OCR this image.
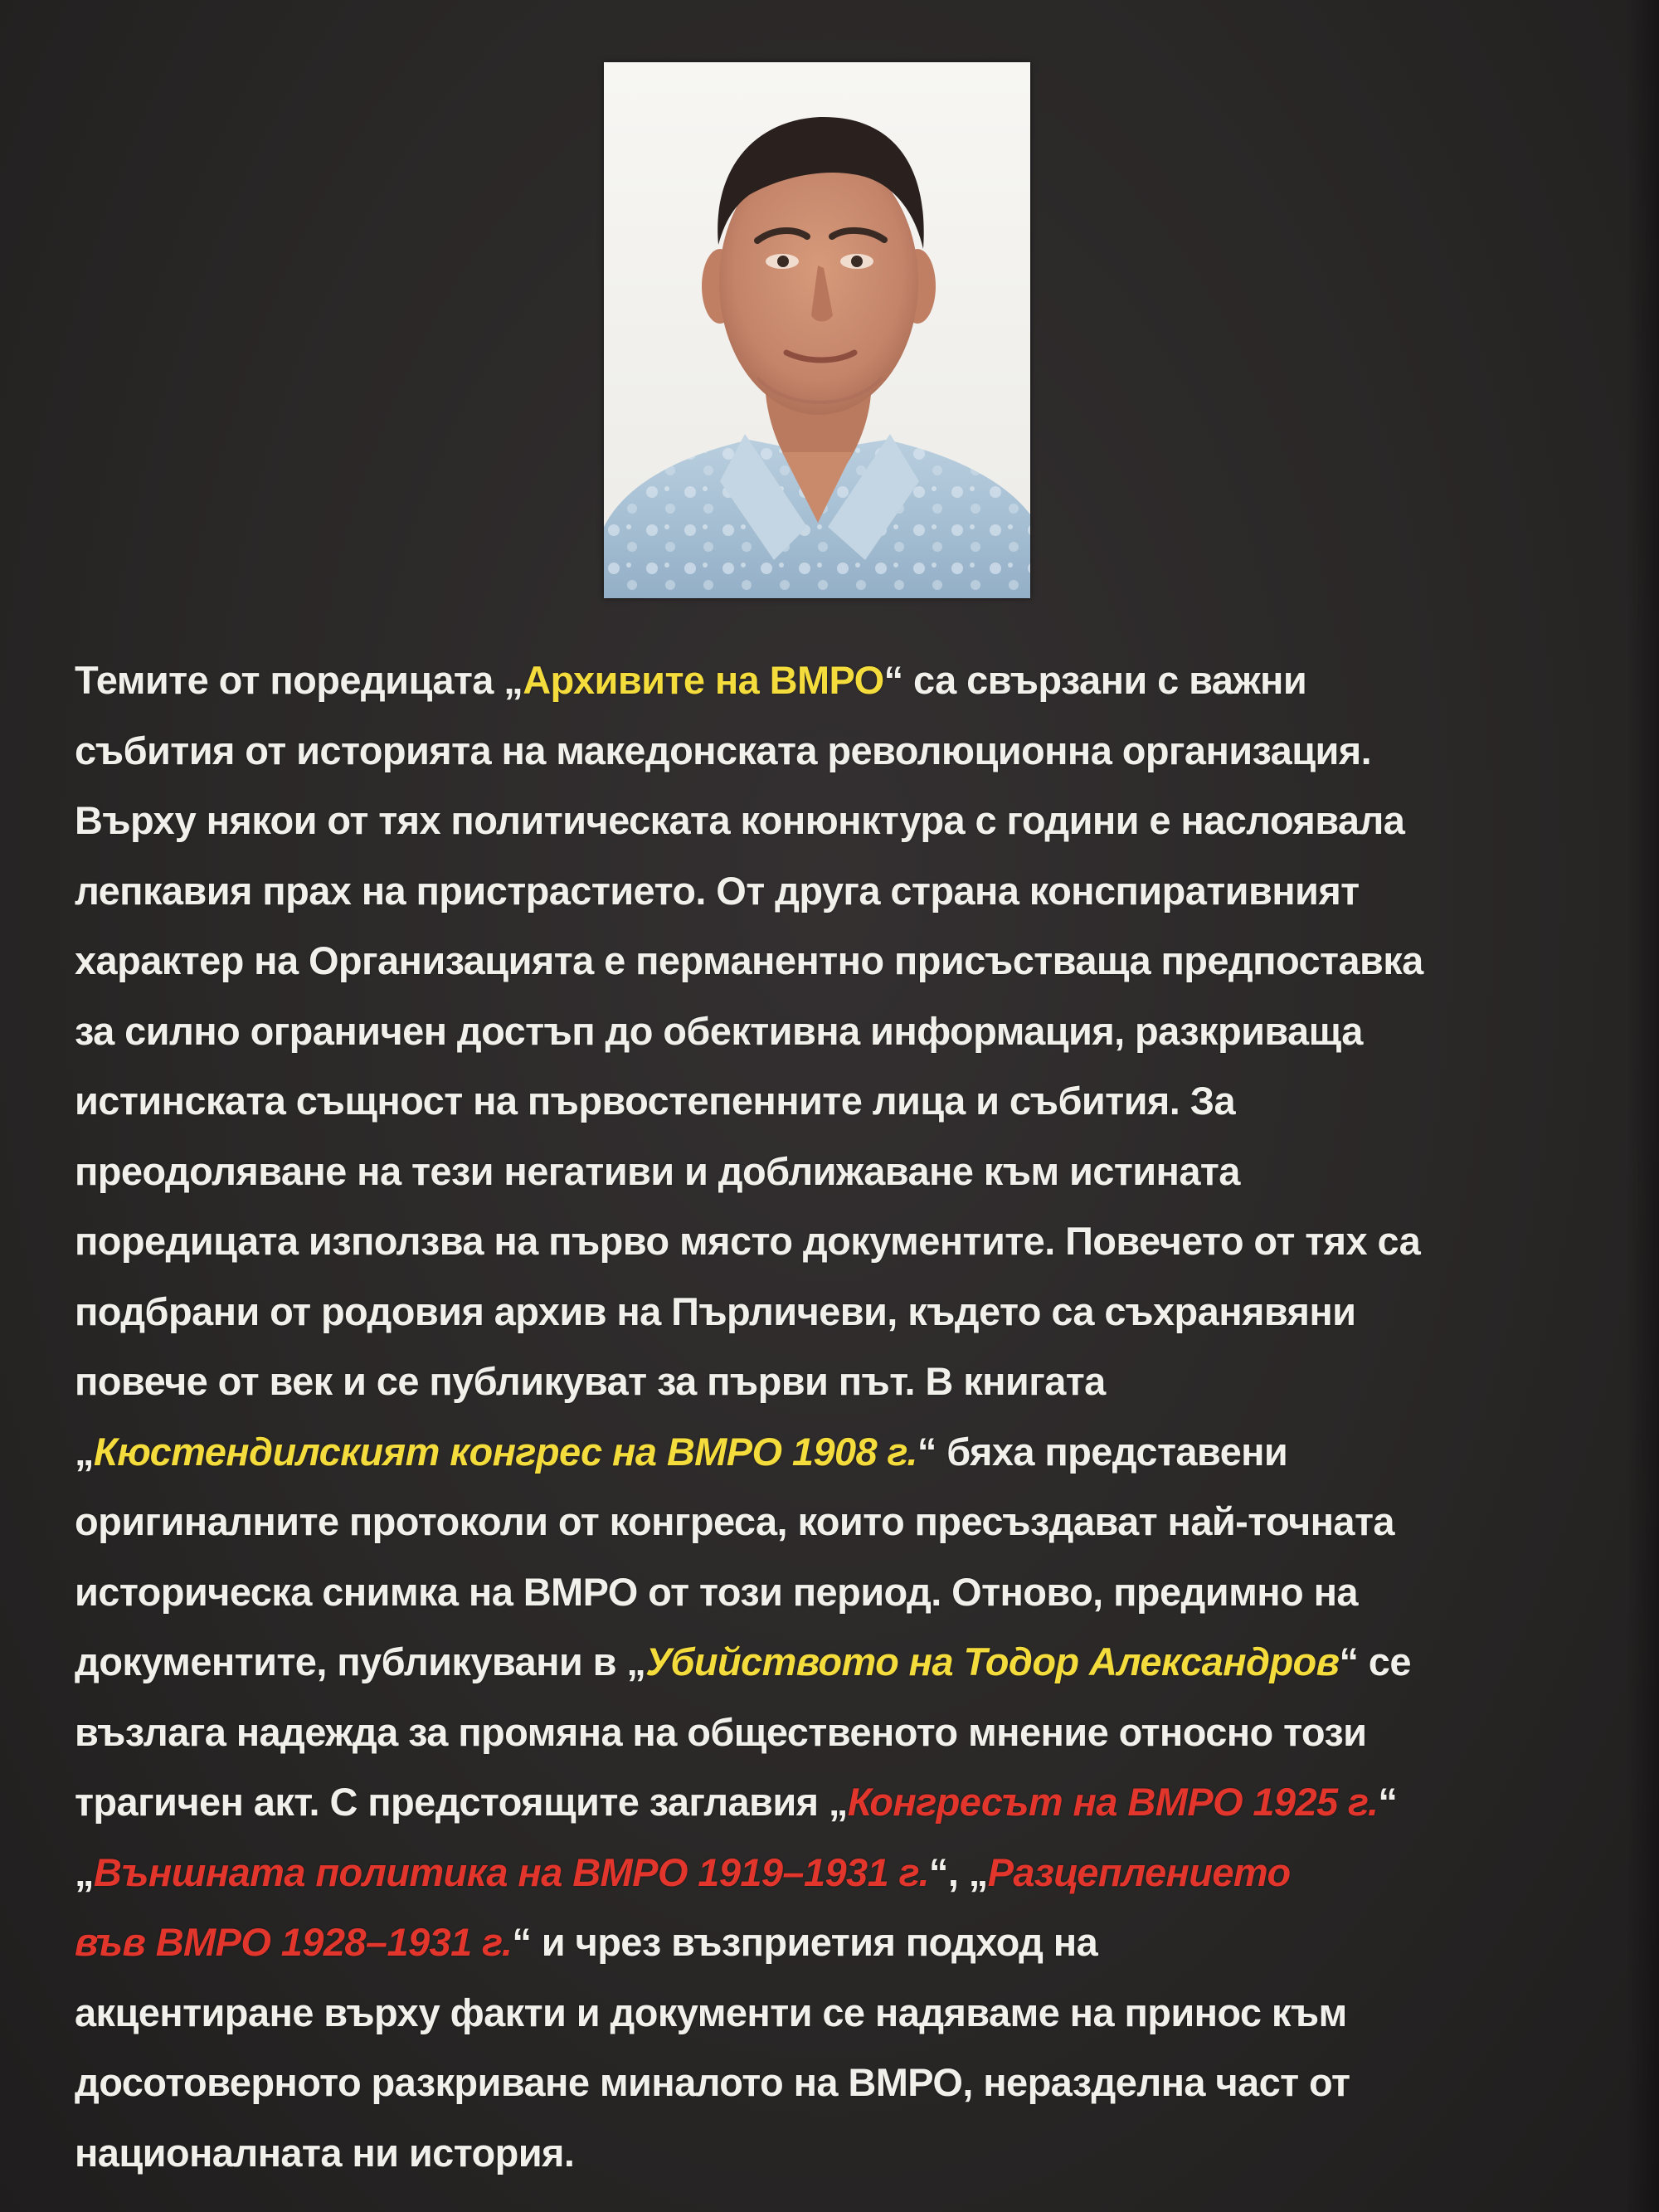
Темите от поредицата „Архивите на ВМРО“ са свързани с важни
събития от историята на македонската революционна организация.
Върху някои от тях политическата конюнктура с години е наслоявала
лепкавия прах на пристрастието. От друга страна конспиративният
характер на Организацията е перманентно присъстваща предпоставка
за силно ограничен достъп до обективна информация, разкриваща
истинската същност на първостепенните лица и събития. За
преодоляване на тези негативи и доближаване към истината
поредицата използва на първо място документите. Повечето от тях са
подбрани от родовия архив на Пърличеви, където са съхранявяни
повече от век и се публикуват за първи път. В книгата
„Кюстендилският конгрес на ВМРО 1908 г.“ бяха представени
оригиналните протоколи от конгреса, които пресъздават най-точната
историческа снимка на ВМРО от този период. Отново, предимно на
документите, публикувани в „Убийството на Тодор Александров“ се
възлага надежда за промяна на общественото мнение относно този
трагичен акт. С предстоящите заглавия „Конгресът на ВМРО 1925 г.“
„Външната политика на ВМРО 1919–1931 г.“, „Разцеплението
във ВМРО 1928–1931 г.“ и чрез възприетия подход на
акцентиране върху факти и документи се надяваме на принос към
досотоверното разкриване миналото на ВМРО, неразделна част от
националната ни история.
